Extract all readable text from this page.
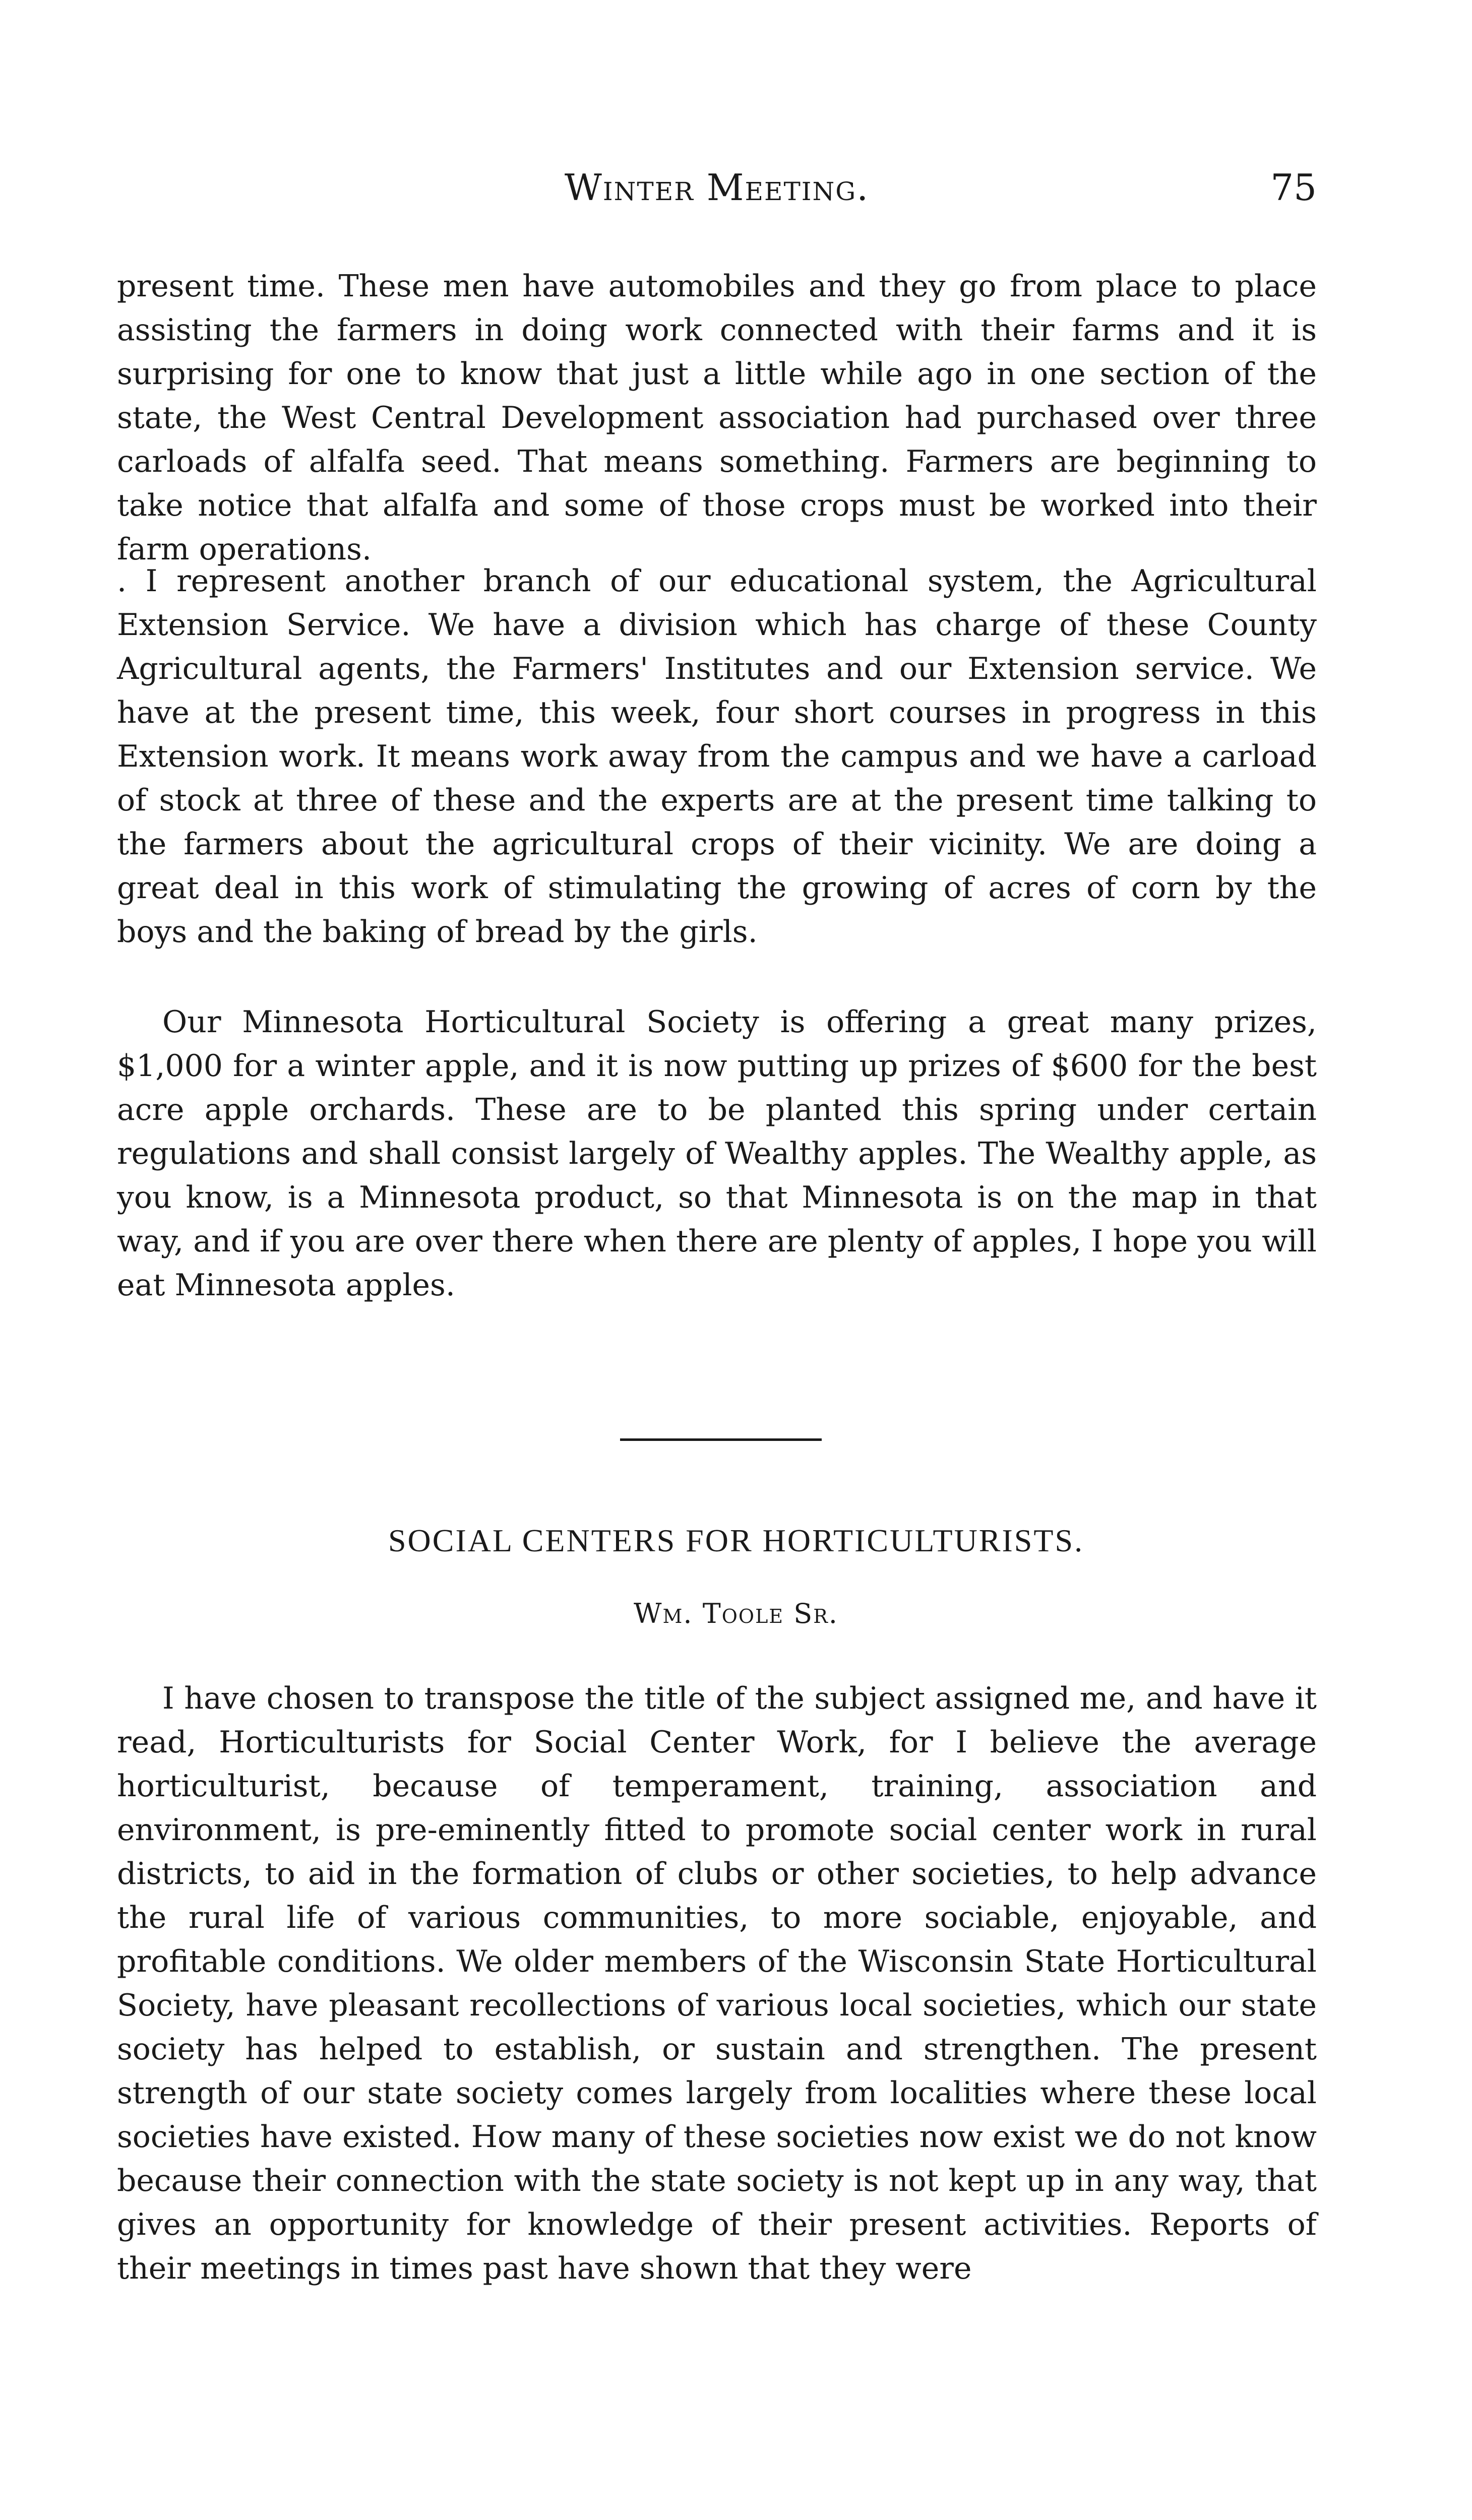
Winter Meeting.	75

present time. These men have automobiles and they go from place to place assisting the farmers in doing work connected with their farms and it is surprising for one to know that just a little while ago in one section of the state, the West Central Development association had purchased over three carloads of alfalfa seed. That means something. Farmers are beginning to take notice that alfalfa and some of those crops must be worked into their farm operations.

. I represent another branch of our educational system, the Agricultural Extension Service. We have a division which has charge of these County Agricultural agents, the Farmers' Institutes and our Extension service. We have at the present time, this week, four short courses in progress in this Extension work. It means work away from the campus and we have a carload of stock at three of these and the experts are at the present time talking to the farmers about the agricultural crops of their vicinity. We are doing a great deal in this work of stimulating the growing of acres of corn by the boys and the baking of bread by the girls.

Our Minnesota Horticultural Society is offering a great many prizes, $1,000 for a winter apple, and it is now putting up prizes of $600 for the best acre apple orchards. These are to be planted this spring under certain regulations and shall consist largely of Wealthy apples. The Wealthy apple, as you know, is a Minnesota product, so that Minnesota is on the map in that way, and if you are over there when there are plenty of apples, I hope you will eat Minnesota apples.

SOCIAL CENTERS FOR HORTICULTURISTS.
Wm. Toole Sr.

I have chosen to transpose the title of the subject assigned me, and have it read, Horticulturists for Social Center Work, for I believe the average horticulturist, because of temperament, training, association and environment, is pre-eminently fitted to promote social center work in rural districts, to aid in the formation of clubs or other societies, to help advance the rural life of various communities, to more sociable, enjoyable, and profitable conditions. We older members of the Wisconsin State Horticultural Society, have pleasant recollections of various local societies, which our state society has helped to establish, or sustain and strengthen. The present strength of our state society comes largely from localities where these local societies have existed. How many of these societies now exist we do not know because their connection with the state society is not kept up in any way, that gives an opportunity for knowledge of their present activities. Reports of their meetings in times past have shown that they were
